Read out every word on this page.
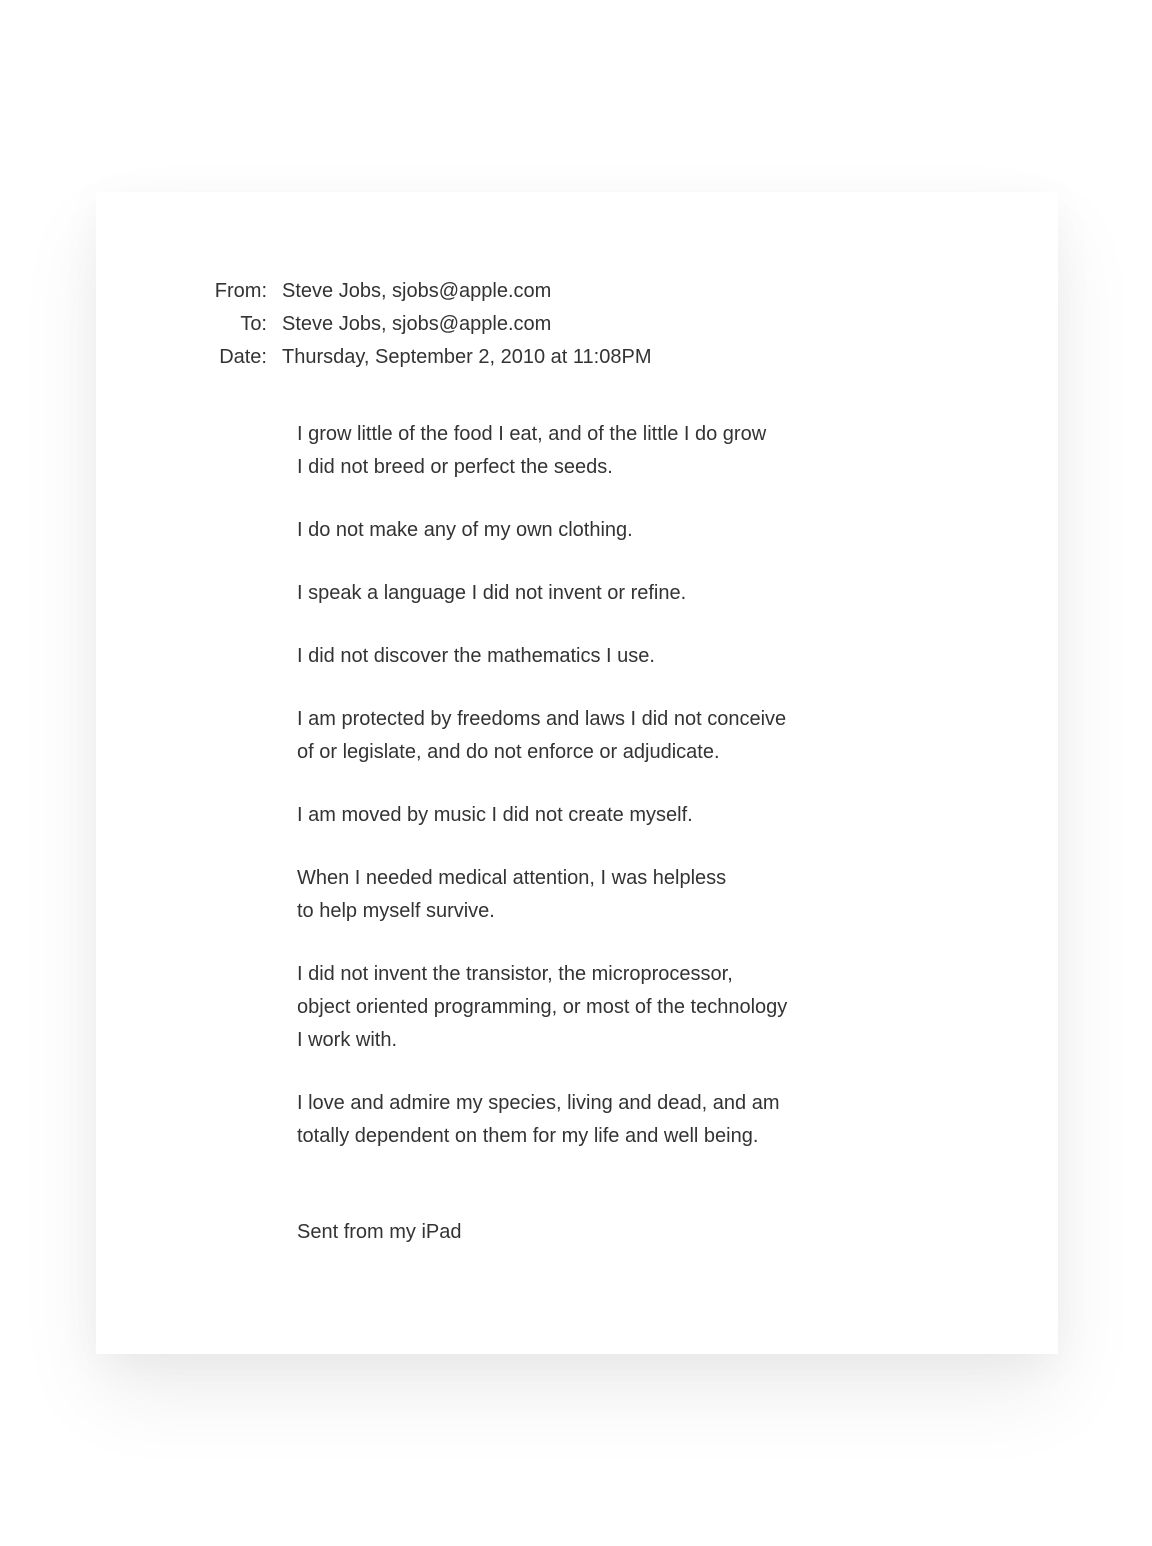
From: Steve Jobs, sjobs@apple.com
To: Steve Jobs, sjobs@apple.com
Date: Thursday, September 2, 2010 at 11:08PM

I grow little of the food I eat, and of the little I do grow
I did not breed or perfect the seeds.

I do not make any of my own clothing.

I speak a language I did not invent or refine.

I did not discover the mathematics I use.

I am protected by freedoms and laws I did not conceive
of or legislate, and do not enforce or adjudicate.

I am moved by music I did not create myself.

When I needed medical attention, I was helpless
to help myself survive.

I did not invent the transistor, the microprocessor,
object oriented programming, or most of the technology
I work with.

I love and admire my species, living and dead, and am
totally dependent on them for my life and well being.

Sent from my iPad
